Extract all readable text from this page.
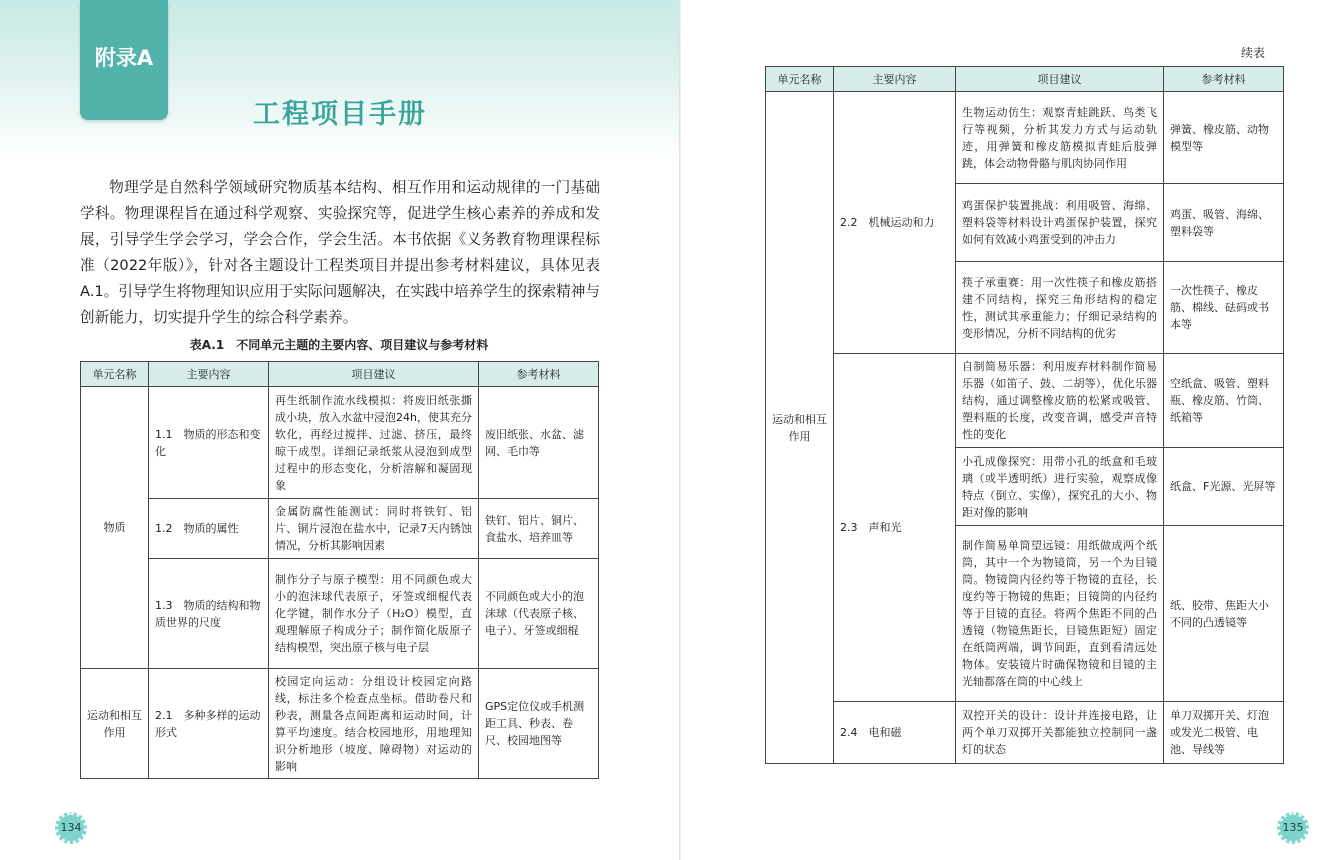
附录A
工程项目手册

物理学是自然科学领域研究物质基本结构、相互作用和运动规律的一门基础学科。物理课程旨在通过科学观察、实验探究等，促进学生核心素养的养成和发展，引导学生学会学习，学会合作，学会生活。本书依据《义务教育物理课程标准（2022年版）》，针对各主题设计工程类项目并提出参考材料建议，具体见表A.1。引导学生将物理知识应用于实际问题解决，在实践中培养学生的探索精神与创新能力，切实提升学生的综合科学素养。

表A.1　不同单元主题的主要内容、项目建议与参考材料
单元名称	主要内容	项目建议	参考材料
物质	1.1　物质的形态和变化	再生纸制作流水线模拟：将废旧纸张撕成小块，放入水盆中浸泡24h，使其充分软化，再经过搅拌、过滤、挤压，最终晾干成型。详细记录纸浆从浸泡到成型过程中的形态变化，分析溶解和凝固现象	废旧纸张、水盆、滤网、毛巾等
	1.2　物质的属性	金属防腐性能测试：同时将铁钉、铝片、铜片浸泡在盐水中，记录7天内锈蚀情况，分析其影响因素	铁钉、铝片、铜片、食盐水、培养皿等
	1.3　物质的结构和物质世界的尺度	制作分子与原子模型：用不同颜色或大小的泡沫球代表原子，牙签或细棍代表化学键，制作水分子（H₂O）模型，直观理解原子构成分子；制作简化版原子结构模型，突出原子核与电子层	不同颜色或大小的泡沫球（代表原子核、电子）、牙签或细棍
运动和相互作用	2.1　多种多样的运动形式	校园定向运动：分组设计校园定向路线，标注多个检查点坐标。借助卷尺和秒表，测量各点间距离和运动时间，计算平均速度。结合校园地形，用地理知识分析地形（坡度、障碍物）对运动的影响	GPS定位仪或手机测距工具、秒表、卷尺、校园地图等
134
续表
135
单元名称	主要内容	项目建议	参考材料
运动和相互作用	2.2　机械运动和力	生物运动仿生：观察青蛙跳跃、鸟类飞行等视频，分析其发力方式与运动轨迹，用弹簧和橡皮筋模拟青蛙后肢弹跳，体会动物骨骼与肌肉协同作用	弹簧、橡皮筋、动物模型等
		鸡蛋保护装置挑战：利用吸管、海绵、塑料袋等材料设计鸡蛋保护装置，探究如何有效减小鸡蛋受到的冲击力	鸡蛋、吸管、海绵、塑料袋等
		筷子承重赛：用一次性筷子和橡皮筋搭建不同结构，探究三角形结构的稳定性，测试其承重能力；仔细记录结构的变形情况，分析不同结构的优劣	一次性筷子、橡皮筋、棉线、砝码或书本等
	2.3　声和光	自制简易乐器：利用废弃材料制作简易乐器（如笛子、鼓、二胡等），优化乐器结构，通过调整橡皮筋的松紧或吸管、塑料瓶的长度，改变音调，感受声音特性的变化	空纸盒、吸管、塑料瓶、橡皮筋、竹筒、纸箱等
		小孔成像探究：用带小孔的纸盒和毛玻璃（或半透明纸）进行实验，观察成像特点（倒立、实像），探究孔的大小、物距对像的影响	纸盒、F光源、光屏等
		制作简易单筒望远镜：用纸做成两个纸筒，其中一个为物镜筒，另一个为目镜筒。物镜筒内径约等于物镜的直径，长度约等于物镜的焦距；目镜筒的内径约等于目镜的直径。将两个焦距不同的凸透镜（物镜焦距长，目镜焦距短）固定在纸筒两端，调节间距，直到看清远处物体。安装镜片时确保物镜和目镜的主光轴都落在筒的中心线上	纸、胶带、焦距大小不同的凸透镜等
	2.4　电和磁	双控开关的设计：设计并连接电路，让两个单刀双掷开关都能独立控制同一盏灯的状态	单刀双掷开关、灯泡或发光二极管、电池、导线等
